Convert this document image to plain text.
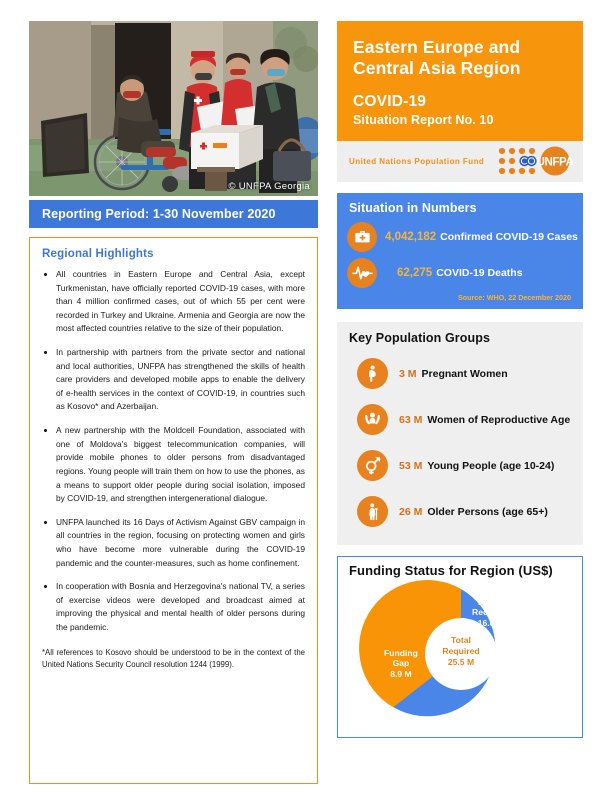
© UNFPA Georgia
Reporting Period: 1-30 November 2020
Regional Highlights
All countries in Eastern Europe and Central Asia, except Turkmenistan, have officially reported COVID-19 cases, with more than 4 million confirmed cases, out of which 55 per cent were recorded in Turkey and Ukraine. Armenia and Georgia are now the most affected countries relative to the size of their population.
In partnership with partners from the private sector and national and local authorities, UNFPA has strengthened the skills of health care providers and developed mobile apps to enable the delivery of e-health services in the context of COVID-19, in countries such as Kosovo* and Azerbaijan.
A new partnership with the Moldcell Foundation, associated with one of Moldova's biggest telecommunication companies, will provide mobile phones to older persons from disadvantaged regions. Young people will train them on how to use the phones, as a means to support older people during social isolation, imposed by COVID-19, and strengthen intergenerational dialogue.
UNFPA launched its 16 Days of Activism Against GBV campaign in all countries in the region, focusing on protecting women and girls who have become more vulnerable during the COVID-19 pandemic and the counter-measures, such as home confinement.
In cooperation with Bosnia and Herzegovina's national TV, a series of exercise videos were developed and broadcast aimed at improving the physical and mental health of older persons during the pandemic.
*All references to Kosovo should be understood to be in the context of the United Nations Security Council resolution 1244 (1999).
Eastern Europe and Central Asia Region
COVID-19
Situation Report No. 10
United Nations Population Fund	UNFPA
Situation in Numbers
4,042,182 Confirmed COVID-19 Cases
62,275 COVID-19 Deaths
Source: WHO, 22 December 2020
Key Population Groups
3 M Pregnant Women
63 M Women of Reproductive Age
53 M Young People (age 10-24)
26 M Older Persons (age 65+)
Funding Status for Region (US$)
Funds
Received
16.6 M
Funding
Gap
8.9 M
Total
Required
25.5 M
